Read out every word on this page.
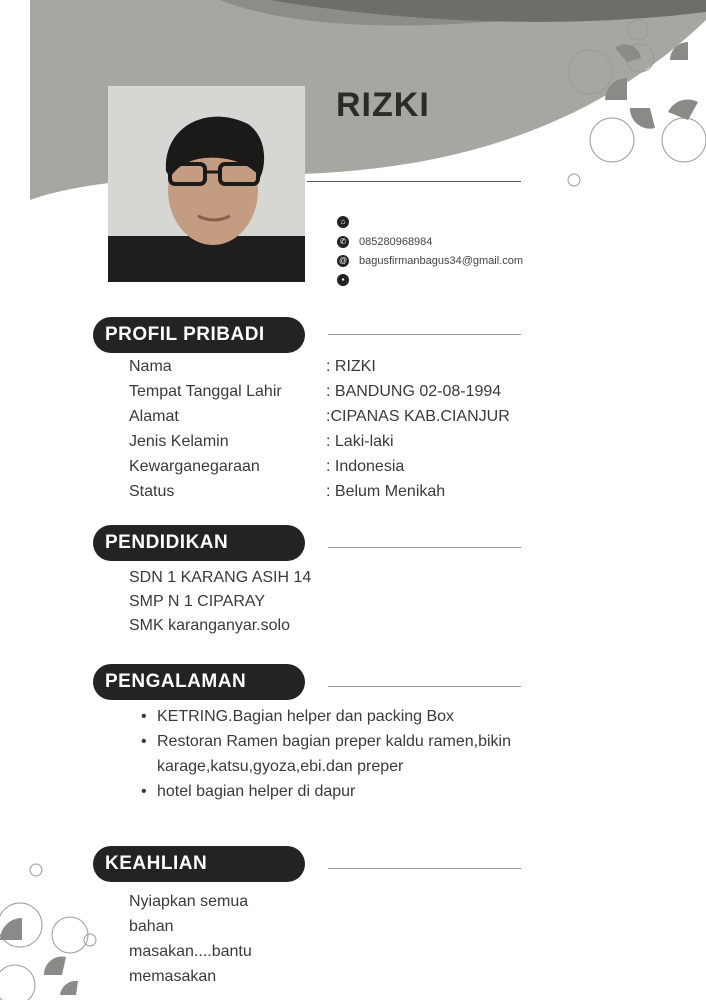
RIZKI
⌂
✆ 085280968984
@ bagusfirmanbagus34@gmail.com
▪
PROFIL PRIBADI
Nama	: RIZKI
Tempat Tanggal Lahir	: BANDUNG 02-08-1994
Alamat	:CIPANAS KAB.CIANJUR
Jenis Kelamin	: Laki-laki
Kewarganegaraan	: Indonesia
Status	: Belum Menikah
PENDIDIKAN
SDN 1 KARANG ASIH 14
SMP N 1 CIPARAY
SMK karanganyar.solo
PENGALAMAN
• KETRING.Bagian helper dan packing Box
• Restoran Ramen bagian preper kaldu ramen,bikin
karage,katsu,gyoza,ebi.dan preper
• hotel bagian helper di dapur
KEAHLIAN
Nyiapkan semua
bahan
masakan....bantu
memasakan
